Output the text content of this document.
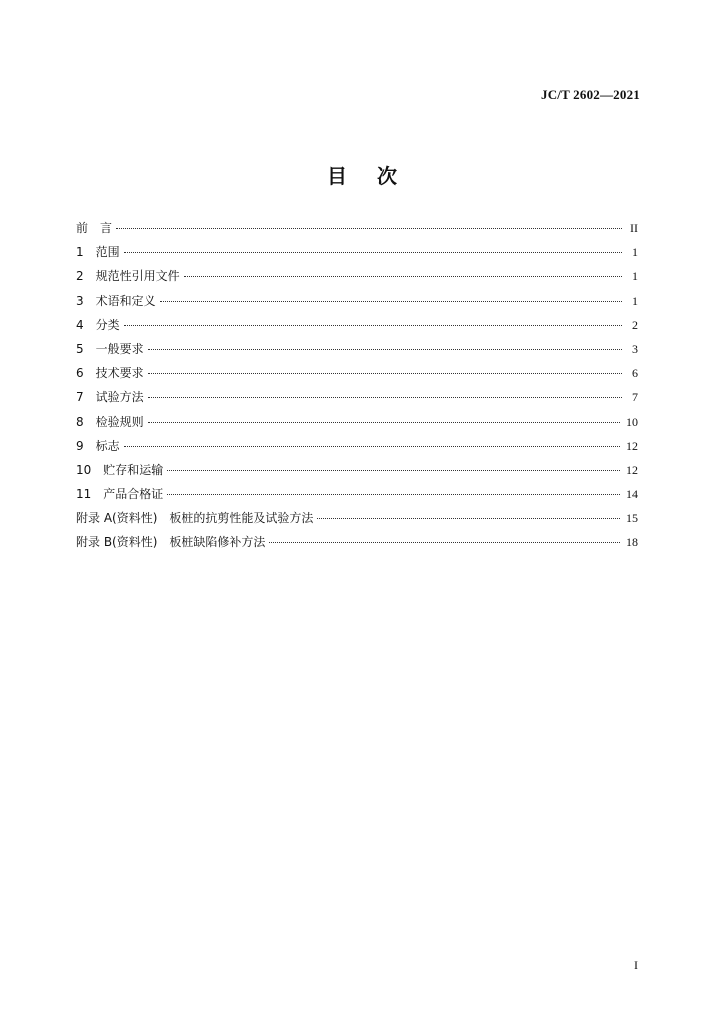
JC/T 2602—2021
目次
前　言	II
1　范围	1
2　规范性引用文件	1
3　术语和定义	1
4　分类	2
5　一般要求	3
6　技术要求	6
7　试验方法	7
8　检验规则	10
9　标志	12
10　贮存和运输	12
11　产品合格证	14
附录 A(资料性)　板桩的抗剪性能及试验方法	15
附录 B(资料性)　板桩缺陷修补方法	18
I
